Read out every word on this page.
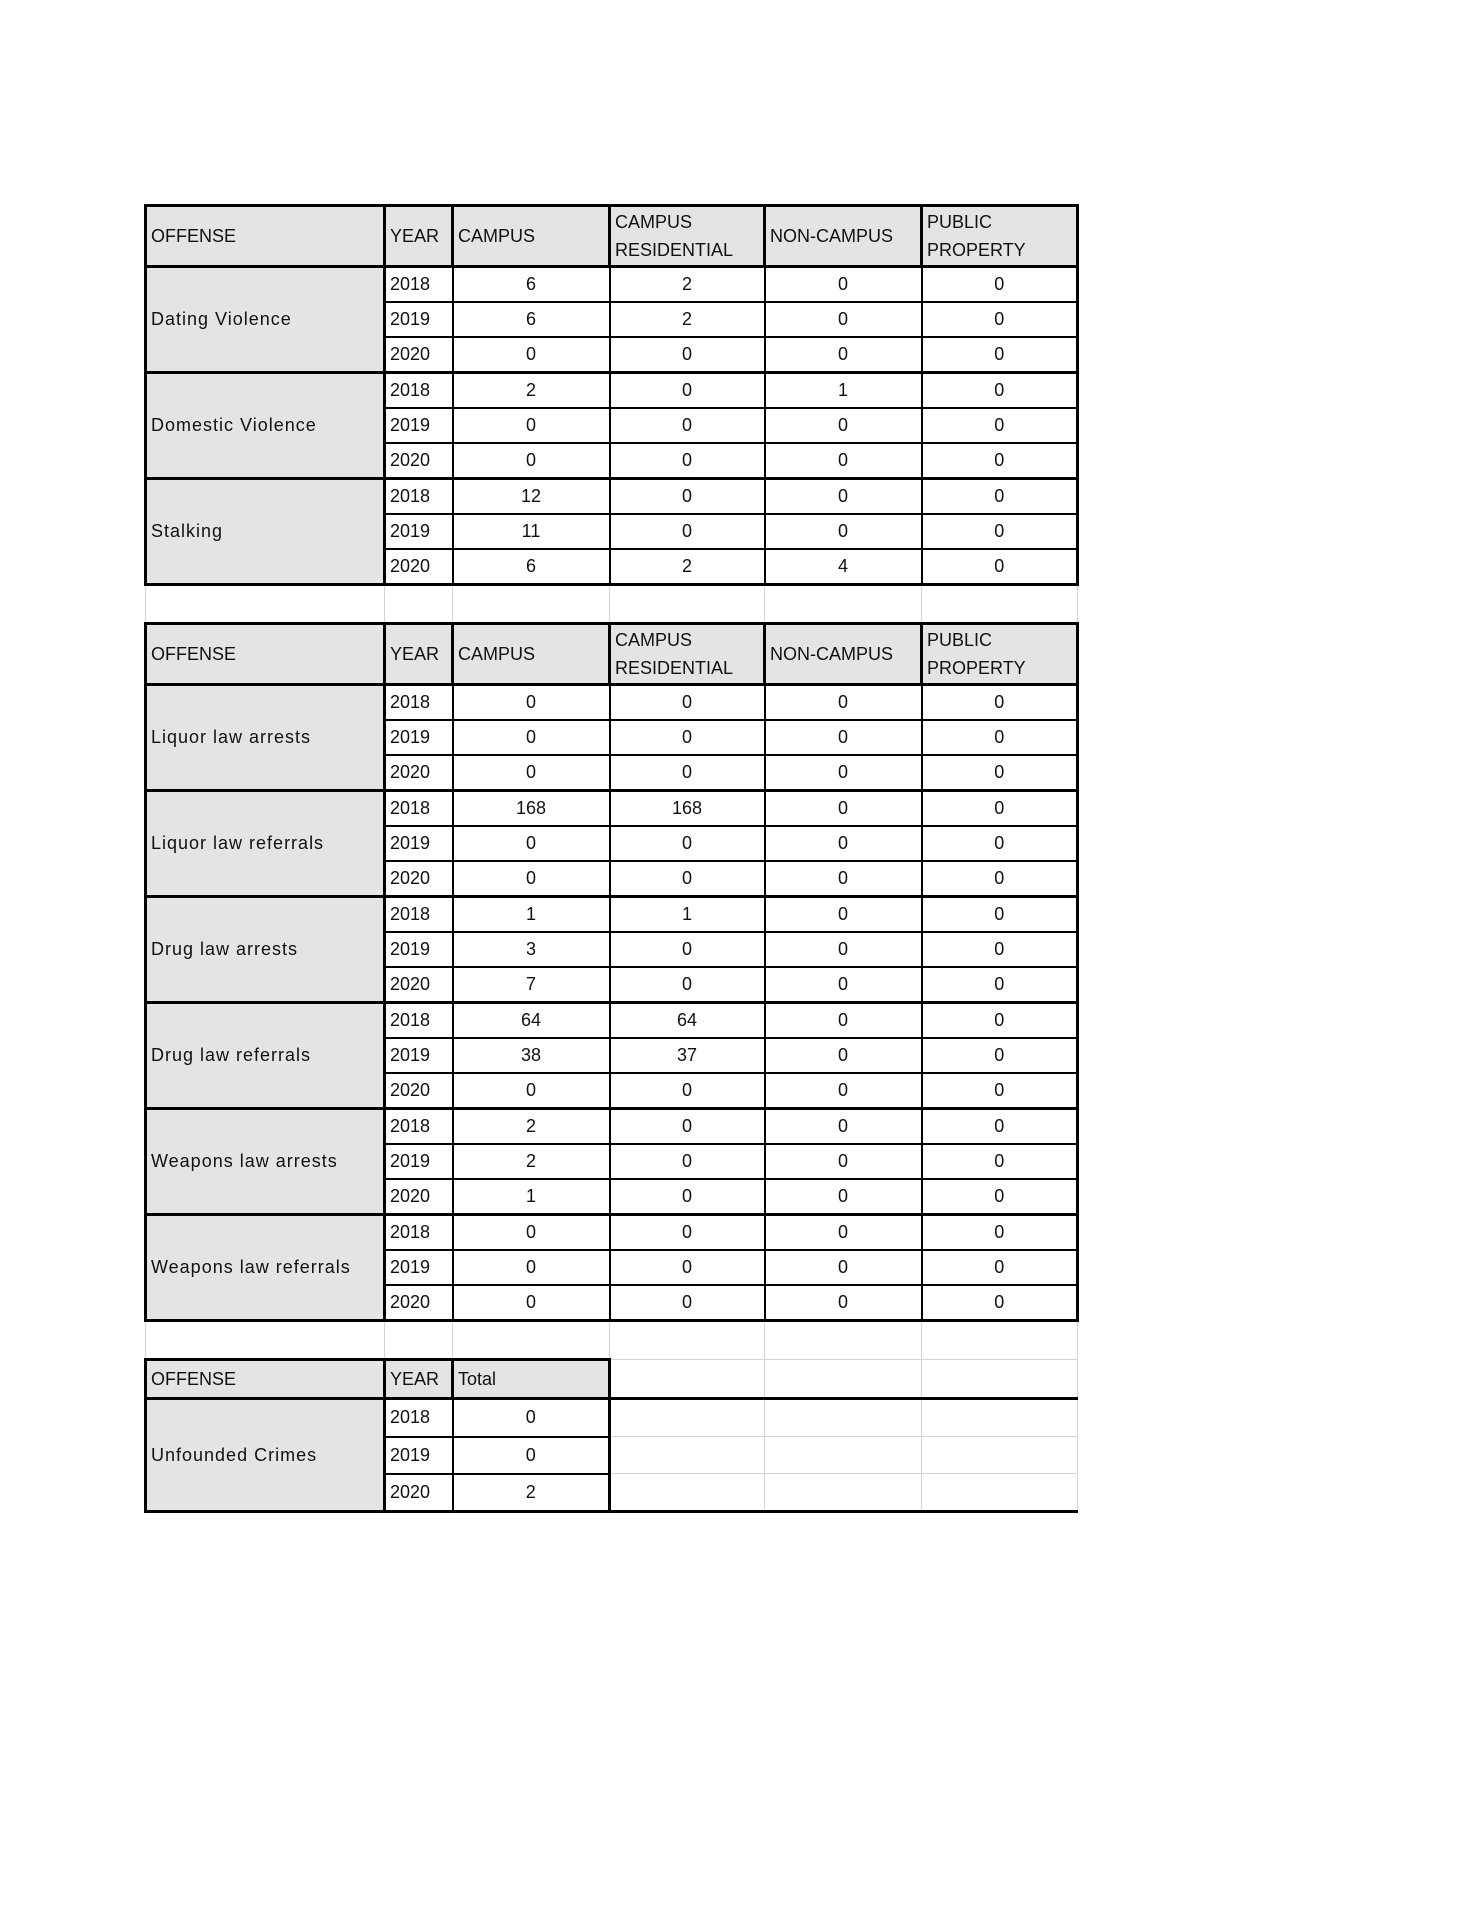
OFFENSE	YEAR	CAMPUS	CAMPUS RESIDENTIAL	NON-CAMPUS	PUBLIC PROPERTY
Dating Violence	2018	6	2	0	0
	2019	6	2	0	0
	2020	0	0	0	0
Domestic Violence	2018	2	0	1	0
	2019	0	0	0	0
	2020	0	0	0	0
Stalking	2018	12	0	0	0
	2019	11	0	0	0
	2020	6	2	4	0

OFFENSE	YEAR	CAMPUS	CAMPUS RESIDENTIAL	NON-CAMPUS	PUBLIC PROPERTY
Liquor law arrests	2018	0	0	0	0
	2019	0	0	0	0
	2020	0	0	0	0
Liquor law referrals	2018	168	168	0	0
	2019	0	0	0	0
	2020	0	0	0	0
Drug law arrests	2018	1	1	0	0
	2019	3	0	0	0
	2020	7	0	0	0
Drug law referrals	2018	64	64	0	0
	2019	38	37	0	0
	2020	0	0	0	0
Weapons law arrests	2018	2	0	0	0
	2019	2	0	0	0
	2020	1	0	0	0
Weapons law referrals	2018	0	0	0	0
	2019	0	0	0	0
	2020	0	0	0	0

OFFENSE	YEAR	Total			
Unfounded Crimes	2018	0			
	2019	0			
	2020	2			
